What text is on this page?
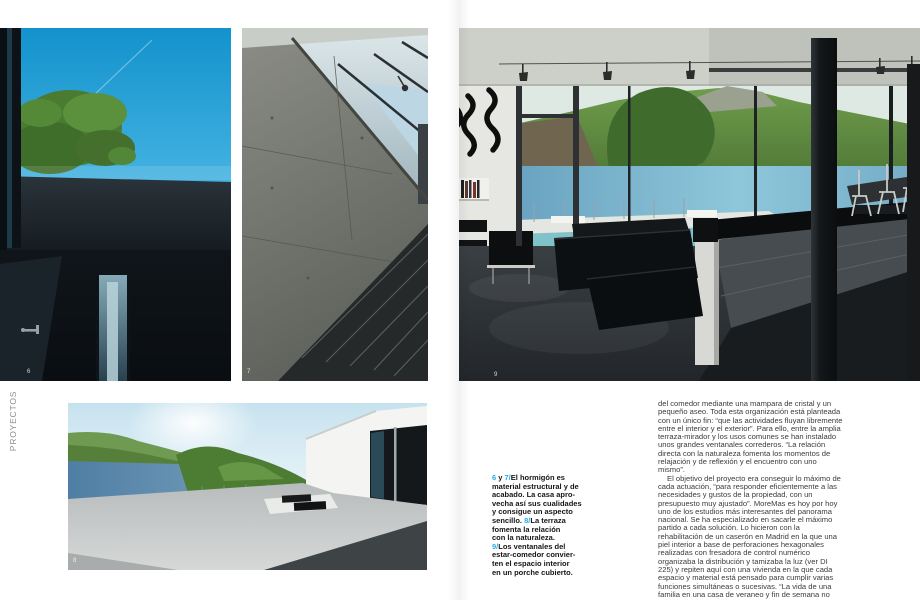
PROYECTOS
6	7	9
8
6 y 7/El hormigón es
material estructural y de
acabado. La casa apro-
vecha así sus cualidades
y consigue un aspecto
sencillo. 8/La terraza
fomenta la relación
con la naturaleza.
9/Los ventanales del
estar-comedor convier-
ten el espacio interior
en un porche cubierto.

del comedor mediante una mampara de cristal y un pequeño aseo. Toda esta organización está planteada con un único fin: “que las actividades fluyan libremente entre el interior y el exterior”. Para ello, entre la amplia terraza-mirador y los usos comunes se han instalado unos grandes ventanales correderos. “La relación directa con la naturaleza fomenta los momentos de relajación y de reflexión y el encuentro con uno mismo”.

El objetivo del proyecto era conseguir lo máximo de cada actuación, “para responder eficientemente a las necesidades y gustos de la propiedad, con un presupuesto muy ajustado”. MoreMas es hoy por hoy uno de los estudios más interesantes del panorama nacional. Se ha especializado en sacarle el máximo partido a cada solución. Lo hicieron con la rehabilitación de un caserón en Madrid en la que una piel interior a base de perforaciones hexagonales realizadas con fresadora de control numérico organizaba la distribución y tamizaba la luz (ver DI 225) y repiten aquí con una vivienda en la que cada espacio y material está pensado para cumplir varias funciones simultáneas o sucesivas. “La vida de una familia en una casa de veraneo y fin de semana no
